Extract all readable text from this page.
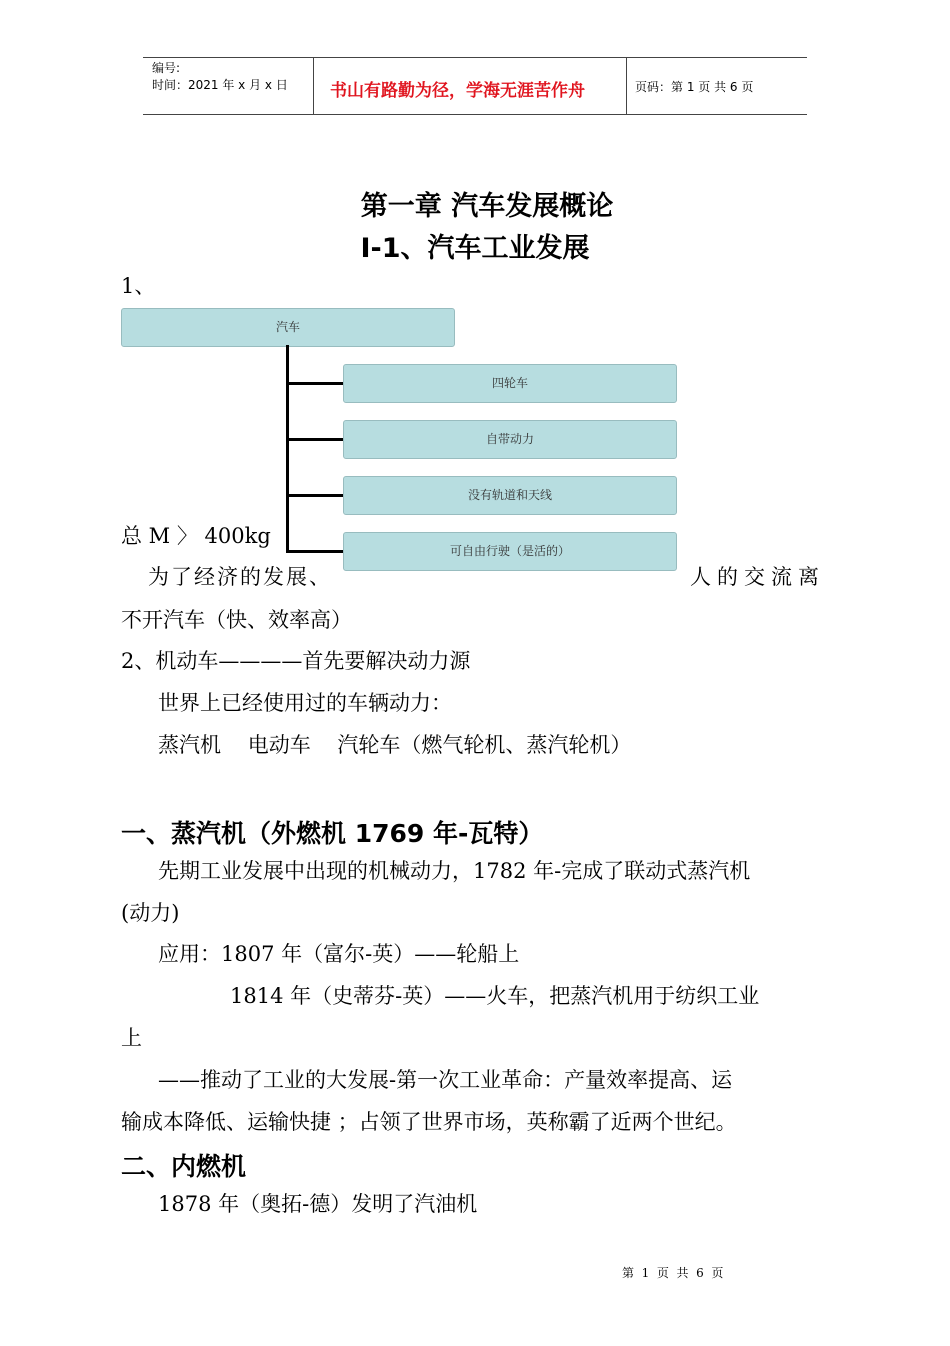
编号:
时间：2021 年 x 月 x 日 书山有路勤为径，学海无涯苦作舟	页码：第 1 页 共 6 页
第一章 汽车发展概论
Ⅰ-1、汽车工业发展
1、
汽车
四轮车
自带动力
没有轨道和天线
可自由行驶（是活的）
总 M 〉 400kg
为了经济的发展、	人的交流离
不开汽车（快、效率高）
2、机动车————首先要解决动力源
世界上已经使用过的车辆动力：
蒸汽机    电动车    汽轮车（燃气轮机、蒸汽轮机）
一、蒸汽机（外燃机 1769 年-瓦特）
先期工业发展中出现的机械动力，1782 年-完成了联动式蒸汽机
(动力)
应用：1807 年（富尔-英）——轮船上
1814 年（史蒂芬-英）——火车，把蒸汽机用于纺织工业
上
——推动了工业的大发展-第一次工业革命：产量效率提高、运
输成本降低、运输快捷 ；占领了世界市场，英称霸了近两个世纪。
二、内燃机
1878 年（奥拓-德）发明了汽油机
第  1  页  共  6  页
